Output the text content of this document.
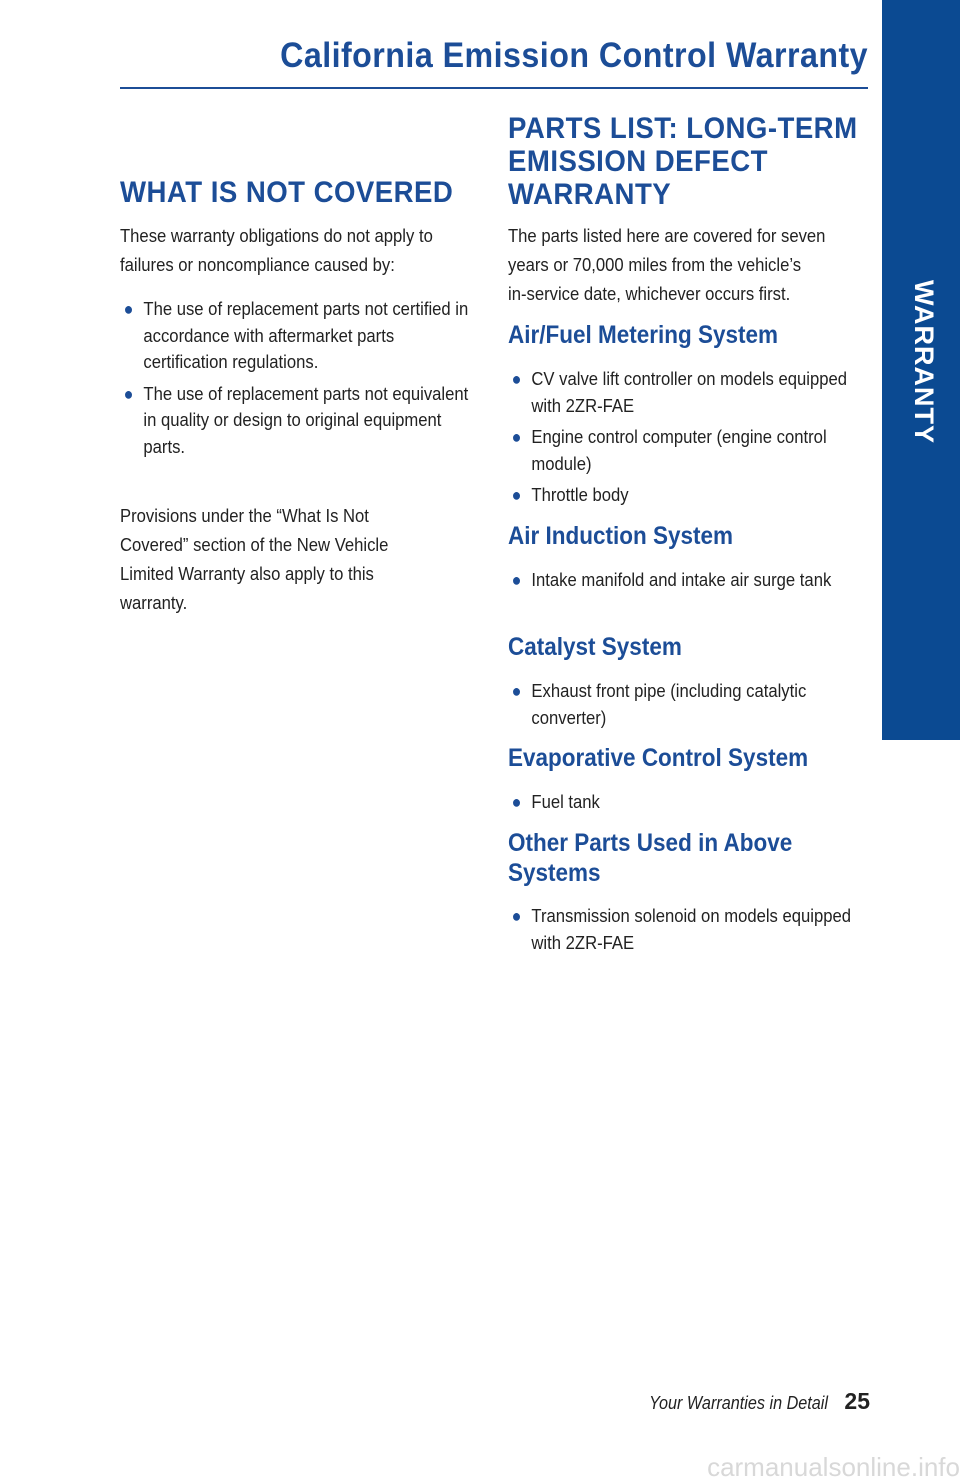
California Emission Control Warranty
WARRANTY
WHAT IS NOT COVERED

These warranty obligations do not apply to
failures or noncompliance caused by:

● The use of replacement parts not certified in accordance with aftermarket parts certification regulations.
● The use of replacement parts not equivalent in quality or design to original equipment parts.

Provisions under the “What Is Not
Covered” section of the New Vehicle
Limited Warranty also apply to this
warranty.

PARTS LIST: LONG-TERM
EMISSION DEFECT
WARRANTY

The parts listed here are covered for seven
years or 70,000 miles from the vehicle’s
in-service date, whichever occurs first.

Air/Fuel Metering System
● CV valve lift controller on models equipped with 2ZR-FAE
● Engine control computer (engine control module)
● Throttle body
Air Induction System
● Intake manifold and intake air surge tank
Catalyst System
● Exhaust front pipe (including catalytic converter)
Evaporative Control System
● Fuel tank
Other Parts Used in Above
Systems
● Transmission solenoid on models equipped with 2ZR-FAE
Your Warranties in Detail 25
carmanualsonline.info
